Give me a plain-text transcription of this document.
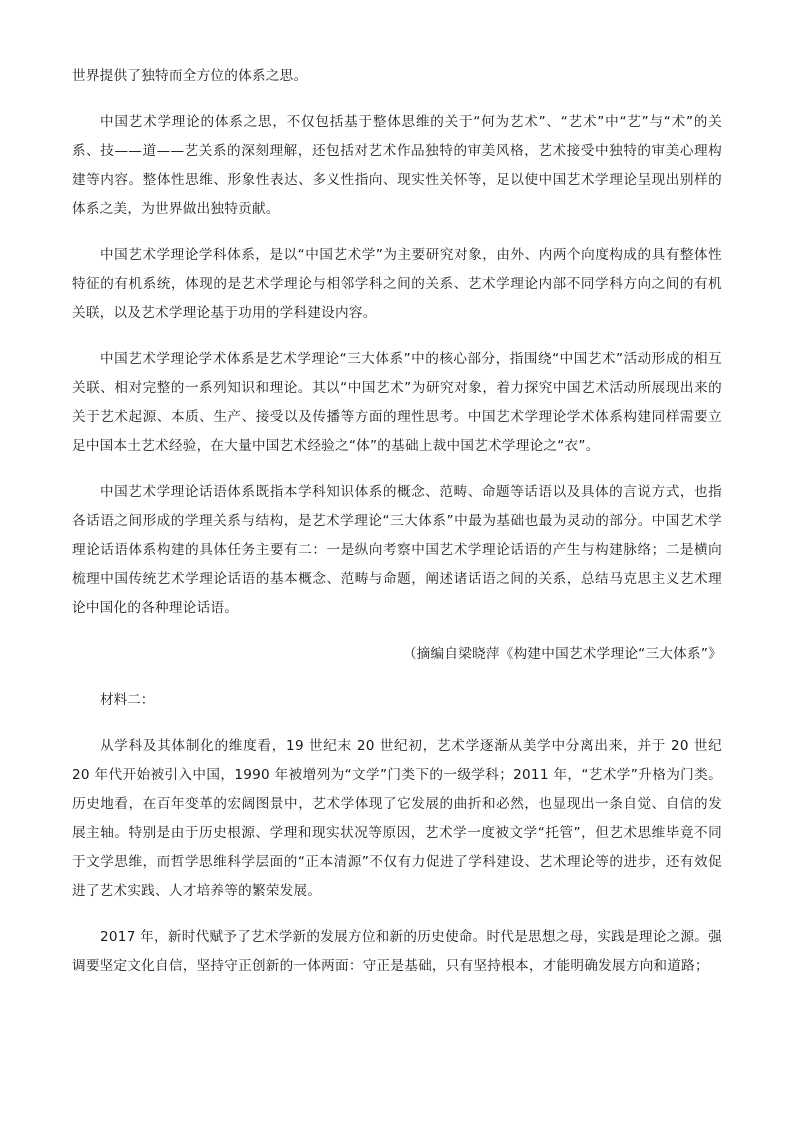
世界提供了独特而全方位的体系之思。

中国艺术学理论的体系之思，不仅包括基于整体思维的关于“何为艺术”、“艺术”中“艺”与“术”的关系、技——道——艺关系的深刻理解，还包括对艺术作品独特的审美风格，艺术接受中独特的审美心理构建等内容。整体性思维、形象性表达、多义性指向、现实性关怀等，足以使中国艺术学理论呈现出别样的体系之美，为世界做出独特贡献。

中国艺术学理论学科体系，是以“中国艺术学”为主要研究对象，由外、内两个向度构成的具有整体性特征的有机系统，体现的是艺术学理论与相邻学科之间的关系、艺术学理论内部不同学科方向之间的有机关联，以及艺术学理论基于功用的学科建设内容。

中国艺术学理论学术体系是艺术学理论“三大体系”中的核心部分，指围绕“中国艺术”活动形成的相互关联、相对完整的一系列知识和理论。其以“中国艺术”为研究对象，着力探究中国艺术活动所展现出来的关于艺术起源、本质、生产、接受以及传播等方面的理性思考。中国艺术学理论学术体系构建同样需要立足中国本土艺术经验，在大量中国艺术经验之“体”的基础上裁中国艺术学理论之“衣”。

中国艺术学理论话语体系既指本学科知识体系的概念、范畴、命题等话语以及具体的言说方式，也指各话语之间形成的学理关系与结构，是艺术学理论“三大体系”中最为基础也最为灵动的部分。中国艺术学理论话语体系构建的具体任务主要有二：一是纵向考察中国艺术学理论话语的产生与构建脉络；二是横向梳理中国传统艺术学理论话语的基本概念、范畴与命题，阐述诸话语之间的关系，总结马克思主义艺术理论中国化的各种理论话语。

（摘编自梁晓萍《构建中国艺术学理论“三大体系”》

材料二：

从学科及其体制化的维度看，19 世纪末 20 世纪初，艺术学逐渐从美学中分离出来，并于 20 世纪 20 年代开始被引入中国，1990 年被增列为“文学”门类下的一级学科；2011 年，“艺术学”升格为门类。历史地看，在百年变革的宏阔图景中，艺术学体现了它发展的曲折和必然，也显现出一条自觉、自信的发展主轴。特别是由于历史根源、学理和现实状况等原因，艺术学一度被文学“托管”，但艺术思维毕竟不同于文学思维，而哲学思维科学层面的“正本清源”不仅有力促进了学科建设、艺术理论等的进步，还有效促进了艺术实践、人才培养等的繁荣发展。

2017 年，新时代赋予了艺术学新的发展方位和新的历史使命。时代是思想之母，实践是理论之源。强调要坚定文化自信，坚持守正创新的一体两面：守正是基础，只有坚持根本，才能明确发展方向和道路；
